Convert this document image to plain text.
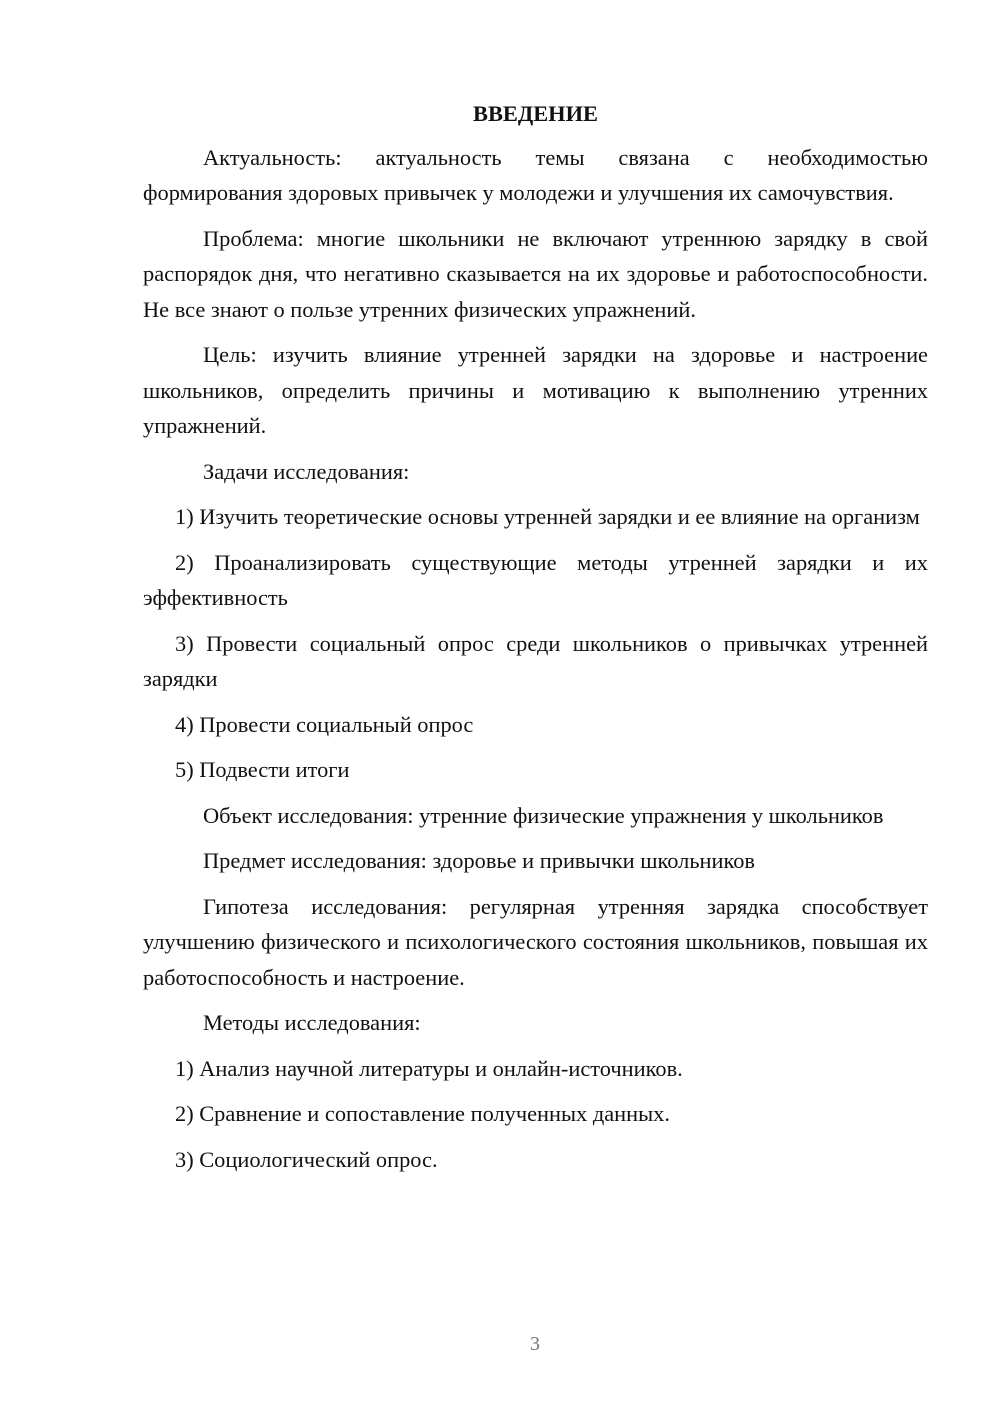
ВВЕДЕНИЕ

Актуальность: актуальность темы связана с необходимостью формирования здоровых привычек у молодежи и улучшения их самочувствия.

Проблема: многие школьники не включают утреннюю зарядку в свой распорядок дня, что негативно сказывается на их здоровье и работоспособности. Не все знают о пользе утренних физических упражнений.

Цель: изучить влияние утренней зарядки на здоровье и настроение школьников, определить причины и мотивацию к выполнению утренних упражнений.

Задачи исследования:

1) Изучить теоретические основы утренней зарядки и ее влияние на организм

2) Проанализировать существующие методы утренней зарядки и их эффективность

3) Провести социальный опрос среди школьников о привычках утренней зарядки

4) Провести социальный опрос

5) Подвести итоги

Объект исследования: утренние физические упражнения у школьников

Предмет исследования: здоровье и привычки школьников

Гипотеза исследования: регулярная утренняя зарядка способствует улучшению физического и психологического состояния школьников, повышая их работоспособность и настроение.

Методы исследования:

1) Анализ научной литературы и онлайн-источников.

2) Сравнение и сопоставление полученных данных.

3) Социологический опрос.

3
